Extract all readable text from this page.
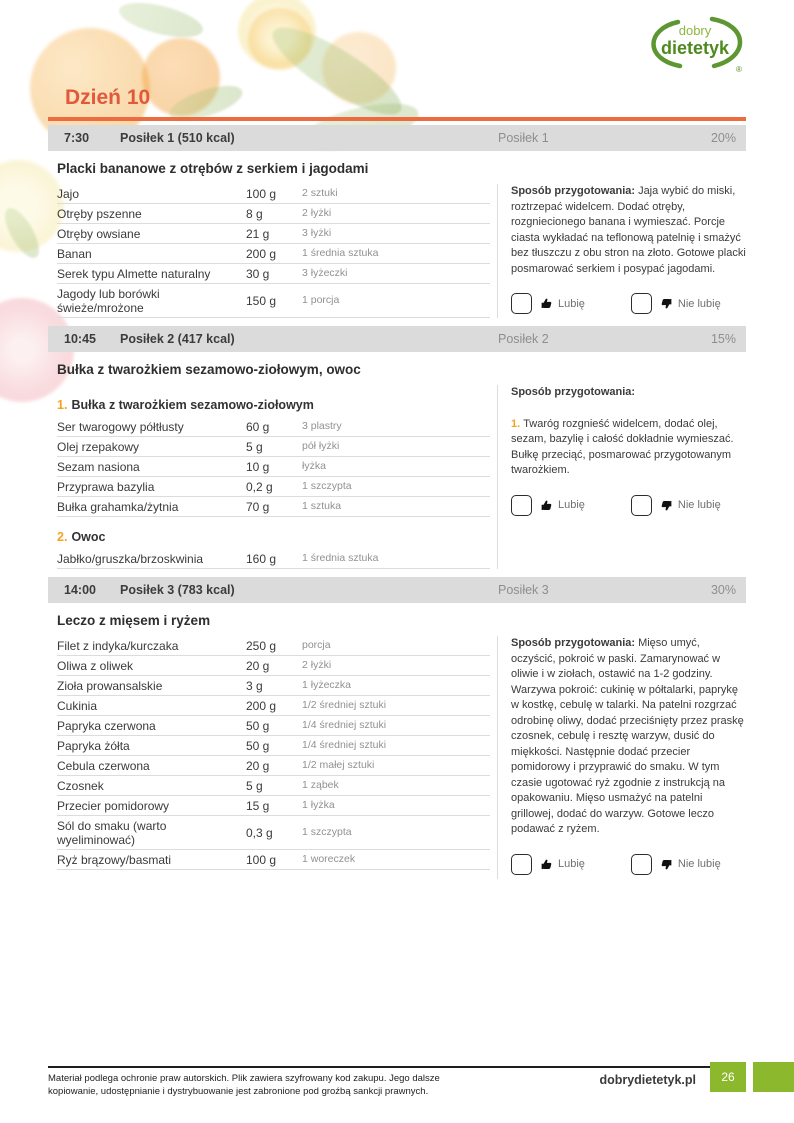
dobry
dietetyk
®
Dzień 10
7:30	Posiłek 1 (510 kcal)	Posiłek 1	20%
Placki bananowe z otrębów z serkiem i jagodami
Jajo	100 g	2 sztuki
Otręby pszenne	8 g	2 łyżki
Otręby owsiane	21 g	3 łyżki
Banan	200 g	1 średnia sztuka
Serek typu Almette naturalny	30 g	3 łyżeczki
Jagody lub borówki świeże/mrożone	150 g	1 porcja

Sposób przygotowania: Jaja wybić do miski, roztrzepać widelcem. Dodać otręby, rozgniecionego banana i wymieszać. Porcje ciasta wykładać na teflonową patelnię i smażyć bez tłuszczu z obu stron na złoto. Gotowe placki posmarować serkiem i posypać jagodami.

Lubię	Nie lubię
10:45	Posiłek 2 (417 kcal)	Posiłek 2	15%
Bułka z twarożkiem sezamowo-ziołowym, owoc
1. Bułka z twarożkiem sezamowo-ziołowym
Ser twarogowy półtłusty	60 g	3 plastry
Olej rzepakowy	5 g	pół łyżki
Sezam nasiona	10 g	łyżka
Przyprawa bazylia	0,2 g	1 szczypta
Bułka grahamka/żytnia	70 g	1 sztuka
2. Owoc
Jabłko/gruszka/brzoskwinia	160 g	1 średnia sztuka

Sposób przygotowania:

1. Twaróg rozgnieść widelcem, dodać olej, sezam, bazylię i całość dokładnie wymieszać. Bułkę przeciąć, posmarować przygotowanym twarożkiem.

Lubię	Nie lubię
14:00	Posiłek 3 (783 kcal)	Posiłek 3	30%
Leczo z mięsem i ryżem
Filet z indyka/kurczaka	250 g	porcja
Oliwa z oliwek	20 g	2 łyżki
Zioła prowansalskie	3 g	1 łyżeczka
Cukinia	200 g	1/2 średniej sztuki
Papryka czerwona	50 g	1/4 średniej sztuki
Papryka żółta	50 g	1/4 średniej sztuki
Cebula czerwona	20 g	1/2 małej sztuki
Czosnek	5 g	1 ząbek
Przecier pomidorowy	15 g	1 łyżka
Sól do smaku (warto wyeliminować)	0,3 g	1 szczypta
Ryż brązowy/basmati	100 g	1 woreczek

Sposób przygotowania: Mięso umyć, oczyścić, pokroić w paski. Zamarynować w oliwie i w ziołach, ostawić na 1-2 godziny. Warzywa pokroić: cukinię w półtalarki, paprykę w kostkę, cebulę w talarki. Na patelni rozgrzać odrobinę oliwy, dodać przeciśnięty przez praskę czosnek, cebulę i resztę warzyw, dusić do miękkości. Następnie dodać przecier pomidorowy i przyprawić do smaku. W tym czasie ugotować ryż zgodnie z instrukcją na opakowaniu. Mięso usmażyć na patelni grillowej, dodać do warzyw. Gotowe leczo podawać z ryżem.

Lubię	Nie lubię
Materiał podlega ochronie praw autorskich. Plik zawiera szyfrowany kod zakupu. Jego dalsze
kopiowanie, udostępnianie i dystrybuowanie jest zabronione pod groźbą sankcji prawnych.
dobrydietetyk.pl	26
